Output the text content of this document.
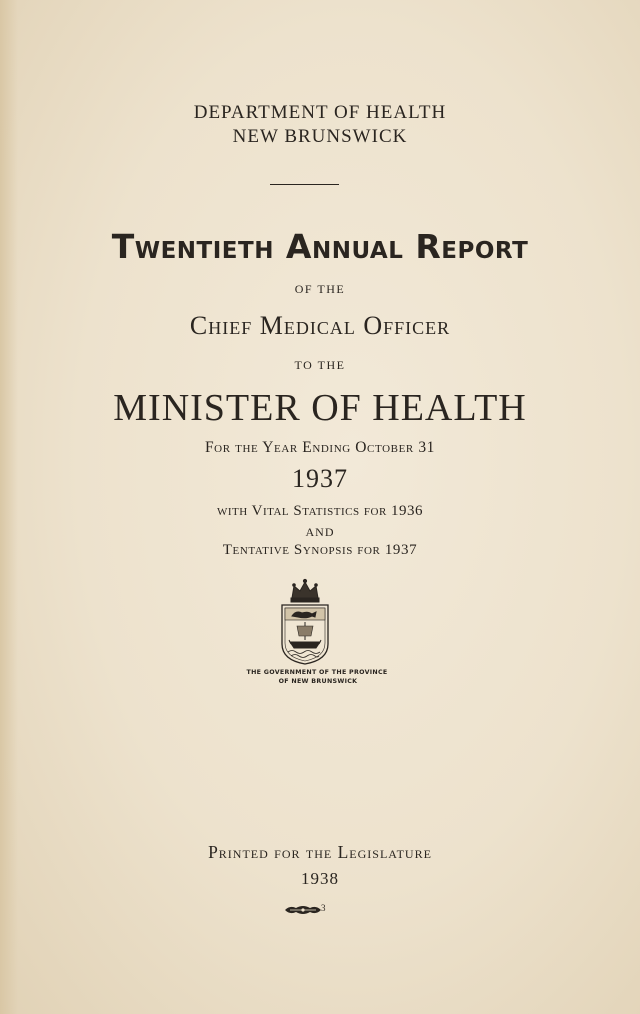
DEPARTMENT OF HEALTH
NEW BRUNSWICK
Twentieth Annual Report
OF THE
Chief Medical Officer
TO THE
MINISTER OF HEALTH
For the Year Ending October 31
1937
with Vital Statistics for 1936
AND
Tentative Synopsis for 1937
THE GOVERNMENT OF THE PROVINCE
OF NEW BRUNSWICK
Printed for the Legislature
1938
3
